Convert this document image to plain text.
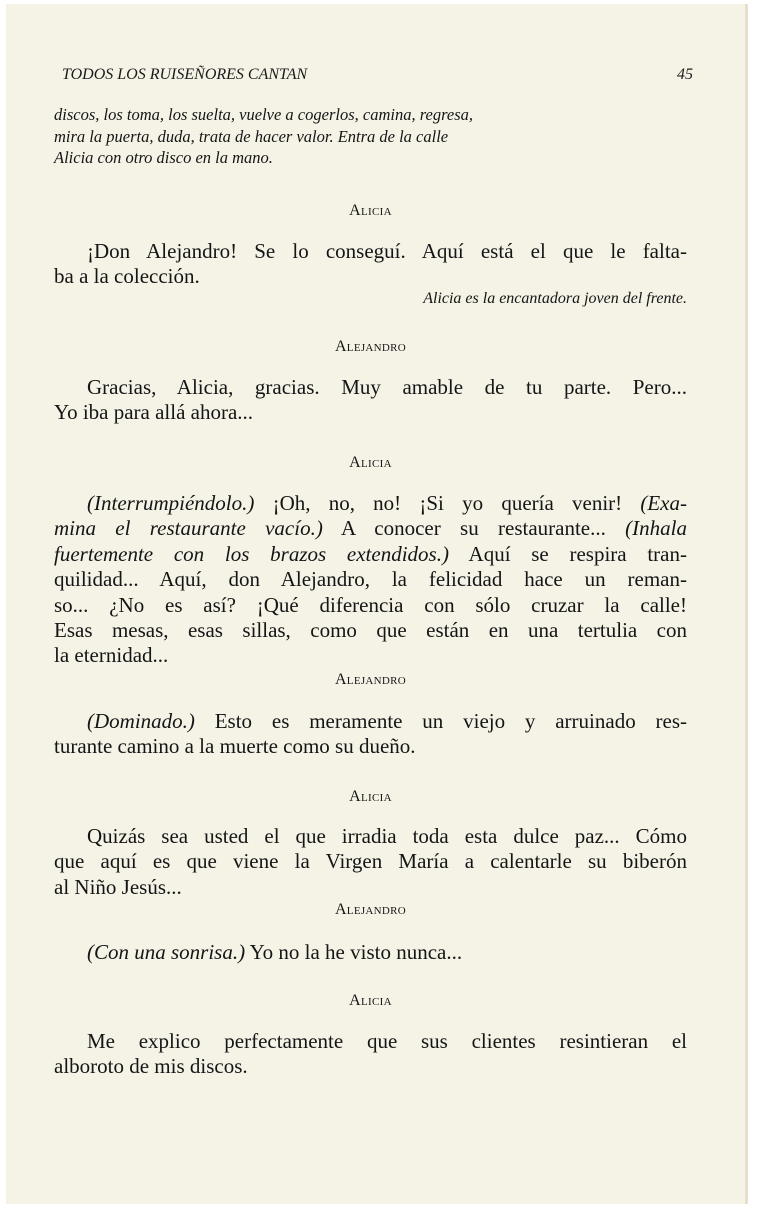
TODOS LOS RUISEÑORES CANTAN	45
discos, los toma, los suelta, vuelve a cogerlos, camina, regresa,
mira la puerta, duda, trata de hacer valor. Entra de la calle
Alicia con otro disco en la mano.
Alicia
¡Don Alejandro! Se lo conseguí. Aquí está el que le falta-
ba a la colección.
Alicia es la encantadora joven del frente.
Alejandro
Gracias, Alicia, gracias. Muy amable de tu parte. Pero...
Yo iba para allá ahora...
Alicia
(Interrumpiéndolo.) ¡Oh, no, no! ¡Si yo quería venir! (Exa-
mina el restaurante vacío.) A conocer su restaurante... (Inhala
fuertemente con los brazos extendidos.) Aquí se respira tran-
quilidad... Aquí, don Alejandro, la felicidad hace un reman-
so... ¿No es así? ¡Qué diferencia con sólo cruzar la calle!
Esas mesas, esas sillas, como que están en una tertulia con
la eternidad...
Alejandro
(Dominado.) Esto es meramente un viejo y arruinado res-
turante camino a la muerte como su dueño.
Alicia
Quizás sea usted el que irradia toda esta dulce paz... Cómo
que aquí es que viene la Virgen María a calentarle su biberón
al Niño Jesús...
Alejandro
(Con una sonrisa.) Yo no la he visto nunca...
Alicia
Me explico perfectamente que sus clientes resintieran el
alboroto de mis discos.
